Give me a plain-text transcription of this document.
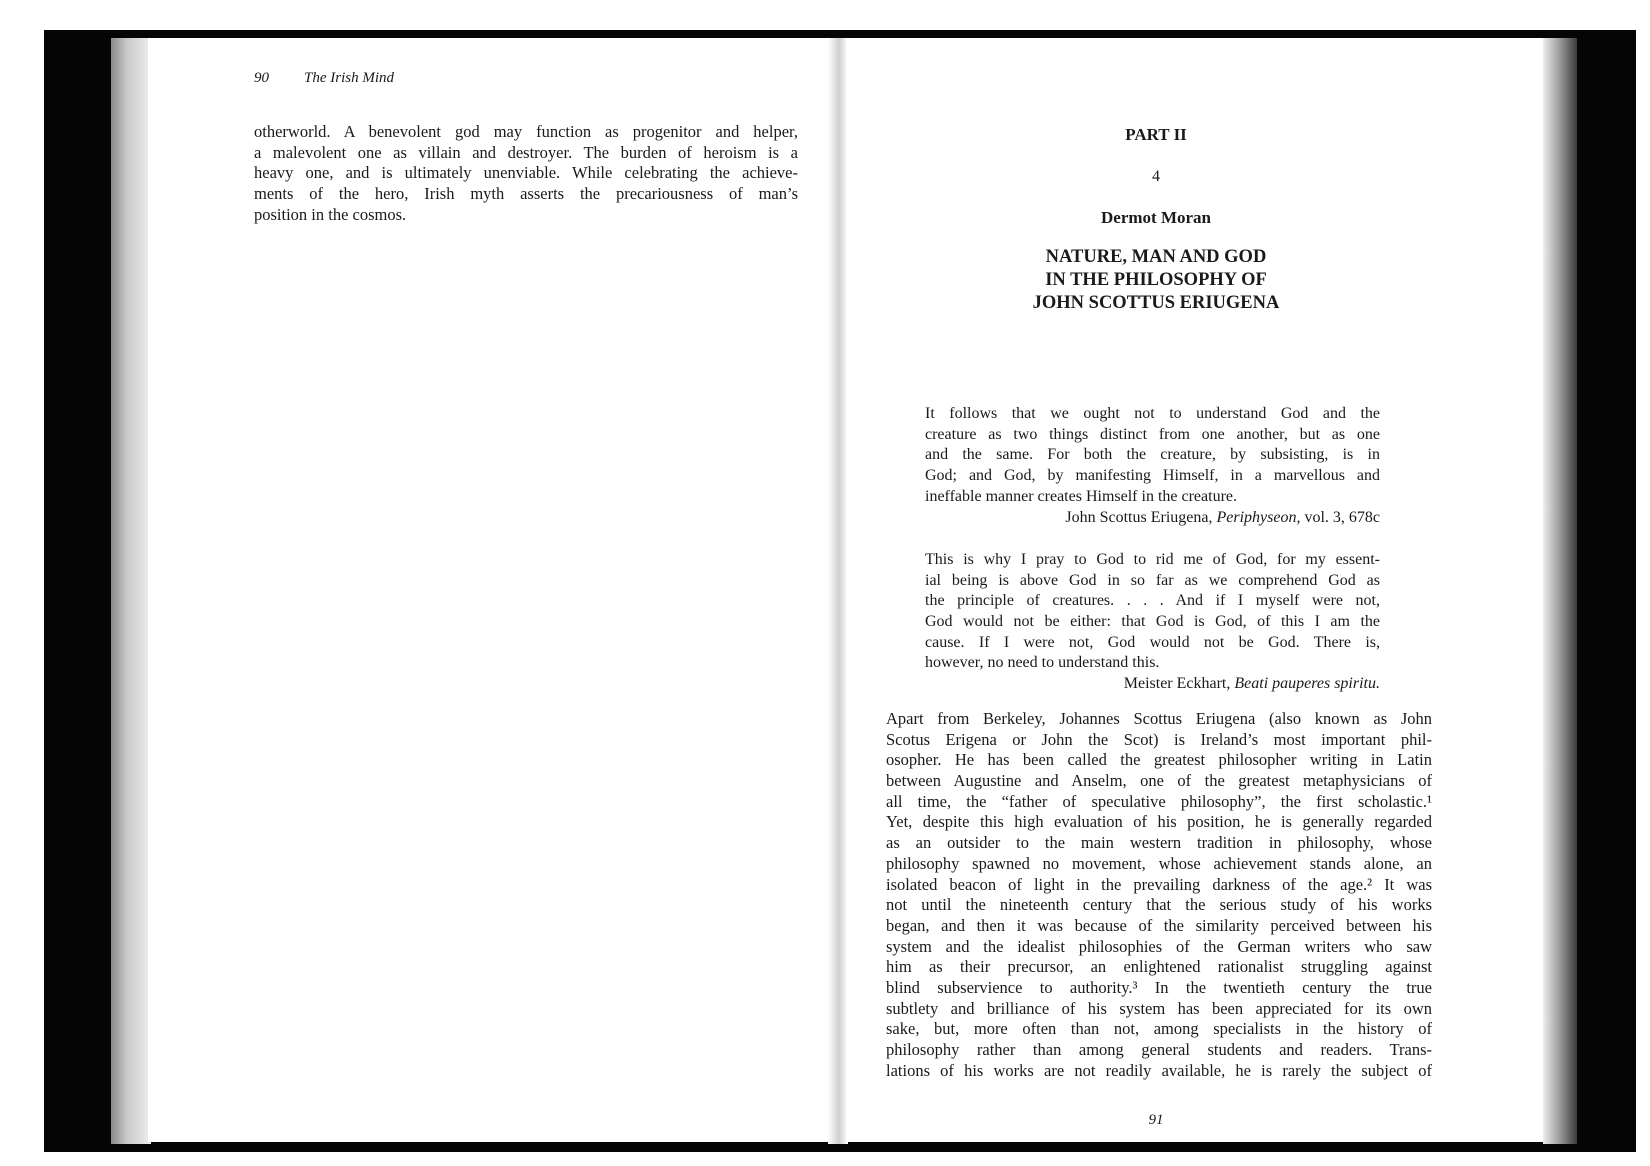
90 The Irish Mind
otherworld. A benevolent god may function as progenitor and helper,
a malevolent one as villain and destroyer. The burden of heroism is a
heavy one, and is ultimately unenviable. While celebrating the achieve-
ments of the hero, Irish myth asserts the precariousness of man’s
position in the cosmos.
PART II
4
Dermot Moran
NATURE, MAN AND GOD
IN THE PHILOSOPHY OF
JOHN SCOTTUS ERIUGENA
It follows that we ought not to understand God and the
creature as two things distinct from one another, but as one
and the same. For both the creature, by subsisting, is in
God; and God, by manifesting Himself, in a marvellous and
ineffable manner creates Himself in the creature.
John Scottus Eriugena, Periphyseon, vol. 3, 678c
This is why I pray to God to rid me of God, for my essent-
ial being is above God in so far as we comprehend God as
the principle of creatures. . . . And if I myself were not,
God would not be either: that God is God, of this I am the
cause. If I were not, God would not be God. There is,
however, no need to understand this.
Meister Eckhart, Beati pauperes spiritu.
Apart from Berkeley, Johannes Scottus Eriugena (also known as John
Scotus Erigena or John the Scot) is Ireland’s most important phil-
osopher. He has been called the greatest philosopher writing in Latin
between Augustine and Anselm, one of the greatest metaphysicians of
all time, the “father of speculative philosophy”, the first scholastic.¹
Yet, despite this high evaluation of his position, he is generally regarded
as an outsider to the main western tradition in philosophy, whose
philosophy spawned no movement, whose achievement stands alone, an
isolated beacon of light in the prevailing darkness of the age.² It was
not until the nineteenth century that the serious study of his works
began, and then it was because of the similarity perceived between his
system and the idealist philosophies of the German writers who saw
him as their precursor, an enlightened rationalist struggling against
blind subservience to authority.³ In the twentieth century the true
subtlety and brilliance of his system has been appreciated for its own
sake, but, more often than not, among specialists in the history of
philosophy rather than among general students and readers. Trans-
lations of his works are not readily available, he is rarely the subject of
91
